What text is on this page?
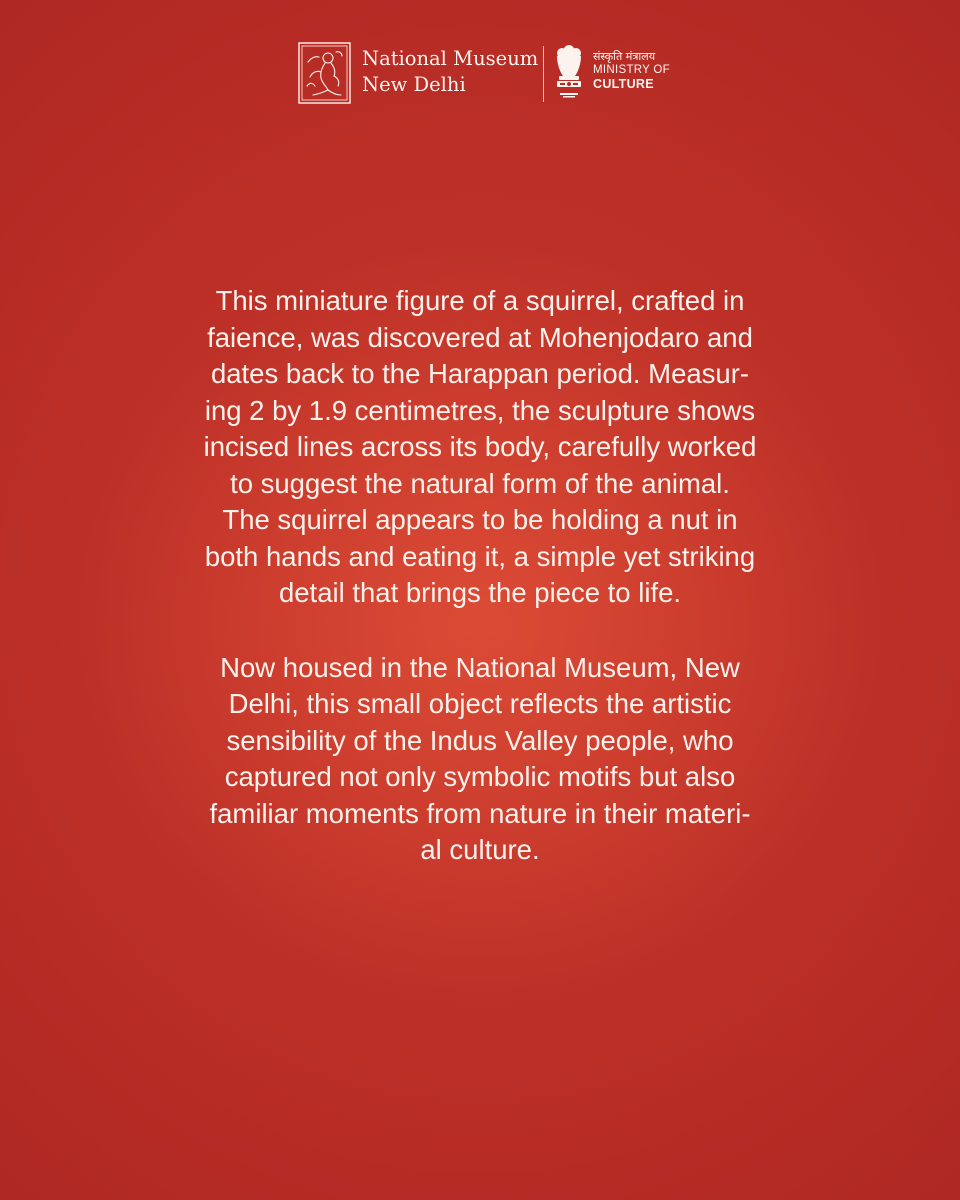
National Museum
New Delhi
संस्कृति मंत्रालय
MINISTRY OF
CULTURE

This miniature figure of a squirrel, crafted in
faience, was discovered at Mohenjodaro and
dates back to the Harappan period. Measur-
ing 2 by 1.9 centimetres, the sculpture shows
incised lines across its body, carefully worked
to suggest the natural form of the animal.
The squirrel appears to be holding a nut in
both hands and eating it, a simple yet striking
detail that brings the piece to life.

Now housed in the National Museum, New
Delhi, this small object reflects the artistic
sensibility of the Indus Valley people, who
captured not only symbolic motifs but also
familiar moments from nature in their materi-
al culture.
